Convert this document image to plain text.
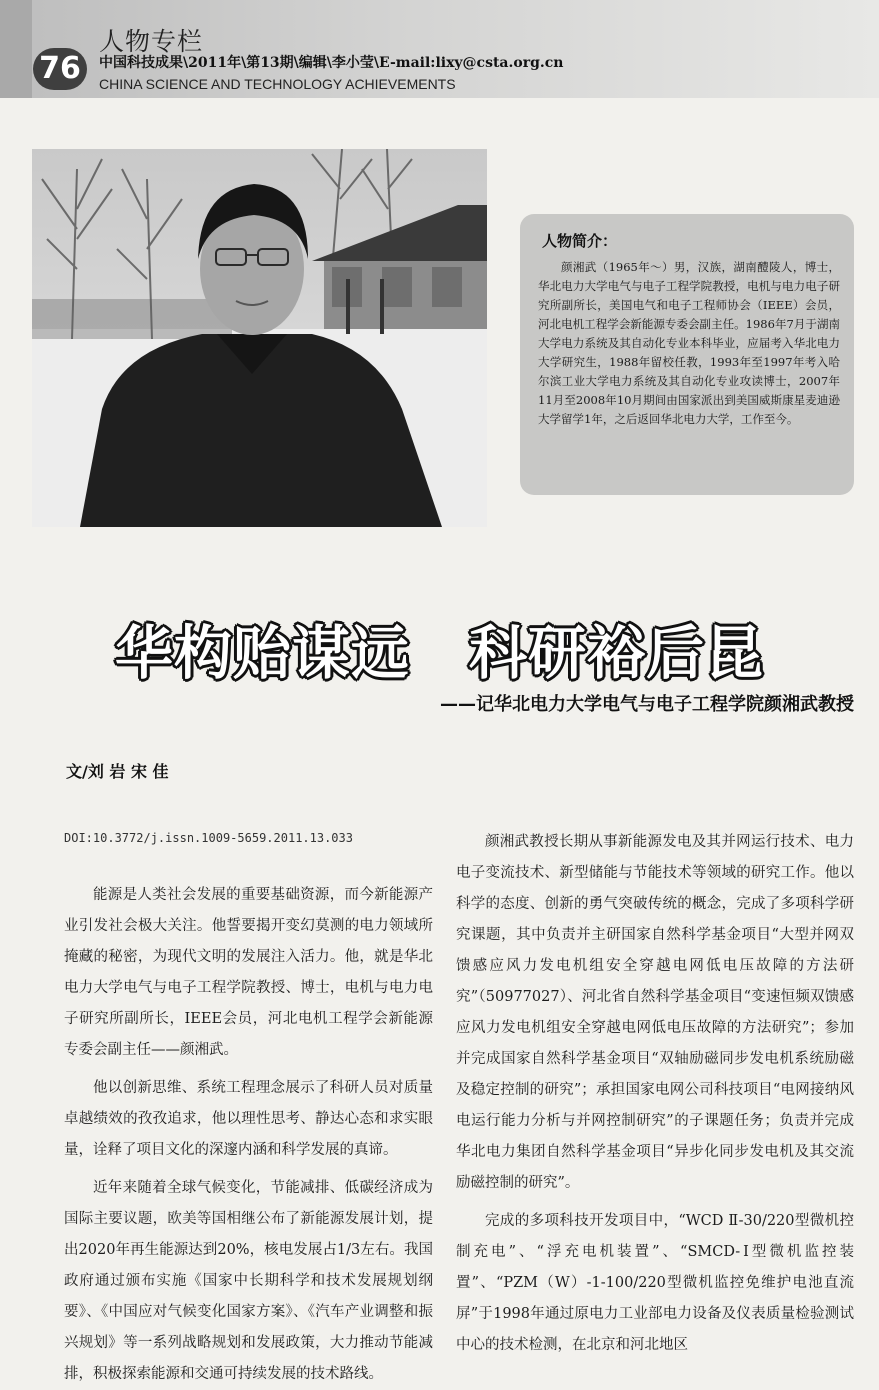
76
人物专栏
中国科技成果\2011年\第13期\编辑\李小莹\E-mail:lixy@csta.org.cn
CHINA SCIENCE AND TECHNOLOGY ACHIEVEMENTS
人物简介：
颜湘武（1965年～）男，汉族，湖南醴陵人，博士，华北电力大学电气与电子工程学院教授，电机与电力电子研究所副所长，美国电气和电子工程师协会（IEEE）会员，河北电机工程学会新能源专委会副主任。1986年7月于湖南大学电力系统及其自动化专业本科毕业，应届考入华北电力大学研究生，1988年留校任教，1993年至1997年考入哈尔滨工业大学电力系统及其自动化专业攻读博士，2007年11月至2008年10月期间由国家派出到美国威斯康星麦迪逊大学留学1年，之后返回华北电力大学，工作至今。
华构贻谋远　科研裕后昆
——记华北电力大学电气与电子工程学院颜湘武教授
文/刘 岩 宋 佳
DOI:10.3772/j.issn.1009-5659.2011.13.033

能源是人类社会发展的重要基础资源，而今新能源产业引发社会极大关注。他誓要揭开变幻莫测的电力领域所掩藏的秘密，为现代文明的发展注入活力。他，就是华北电力大学电气与电子工程学院教授、博士，电机与电力电子研究所副所长，IEEE会员，河北电机工程学会新能源专委会副主任——颜湘武。

他以创新思维、系统工程理念展示了科研人员对质量卓越绩效的孜孜追求，他以理性思考、静达心态和求实眼量，诠释了项目文化的深邃内涵和科学发展的真谛。

近年来随着全球气候变化，节能减排、低碳经济成为国际主要议题，欧美等国相继公布了新能源发展计划，提出2020年再生能源达到20%，核电发展占1/3左右。我国政府通过颁布实施《国家中长期科学和技术发展规划纲要》、《中国应对气候变化国家方案》、《汽车产业调整和振兴规划》等一系列战略规划和发展政策，大力推动节能减排，积极探索能源和交通可持续发展的技术路线。

颜湘武教授长期从事新能源发电及其并网运行技术、电力电子变流技术、新型储能与节能技术等领域的研究工作。他以科学的态度、创新的勇气突破传统的概念，完成了多项科学研究课题，其中负责并主研国家自然科学基金项目“大型并网双馈感应风力发电机组安全穿越电网低电压故障的方法研究”（50977027）、河北省自然科学基金项目“变速恒频双馈感应风力发电机组安全穿越电网低电压故障的方法研究”；参加并完成国家自然科学基金项目“双轴励磁同步发电机系统励磁及稳定控制的研究”；承担国家电网公司科技项目“电网接纳风电运行能力分析与并网控制研究”的子课题任务；负责并完成华北电力集团自然科学基金项目“异步化同步发电机及其交流励磁控制的研究”。

完成的多项科技开发项目中，“WCD Ⅱ-30/220型微机控制充电”、“浮充电机装置”、“SMCD-Ⅰ型微机监控装置”、“PZM（W）-1-100/220型微机监控免维护电池直流屏”于1998年通过原电力工业部电力设备及仪表质量检验测试中心的技术检测，在北京和河北地区
